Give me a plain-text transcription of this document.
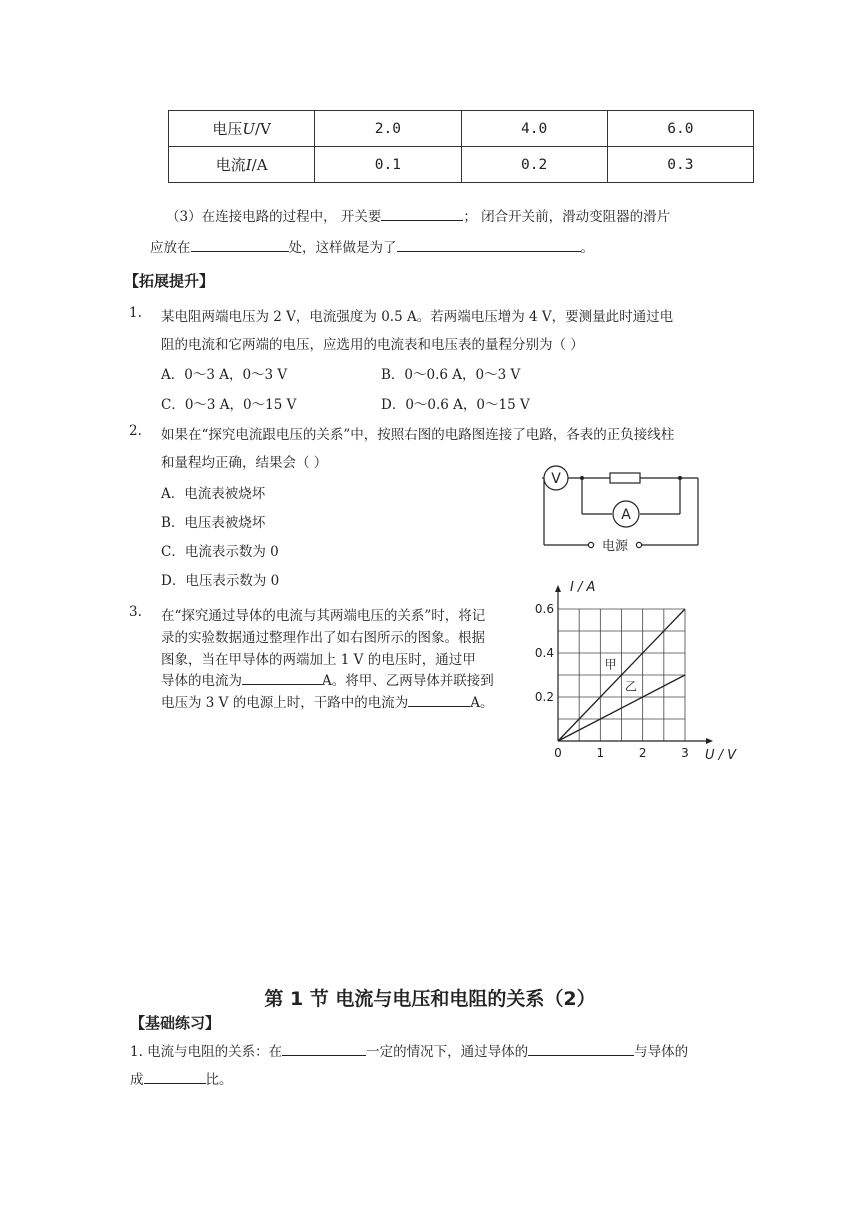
电压U/V	2.0	4.0	6.0
电流I/A	0.1	0.2	0.3
（3）在连接电路的过程中， 开关要	； 闭合开关前，滑动变阻器的滑片
应放在	处，这样做是为了	。
【拓展提升】
1. 某电阻两端电压为 2 V，电流强度为 0.5 A。若两端电压增为 4 V，要测量此时通过电
阻的电流和它两端的电压，应选用的电流表和电压表的量程分别为（ ）
A．0～3 A，0～3 V	B．0～0.6 A，0～3 V
C．0～3 A，0～15 V	D．0～0.6 A，0～15 V
2. 如果在“探究电流跟电压的关系”中，按照右图的电路图连接了电路，各表的正负接线柱
和量程均正确，结果会（ ）
A．电流表被烧坏
B．电压表被烧坏
C．电流表示数为 0
D．电压表示数为 0
V
A
电源
3. 在“探究通过导体的电流与其两端电压的关系”时，将记
录的实验数据通过整理作出了如右图所示的图象。根据
图象，当在甲导体的两端加上 1 V 的电压时，通过甲
导体的电流为	A。将甲、乙两导体并联接到
电压为 3 V 的电源上时，干路中的电流为	A。
甲
乙
0	1	2	3
0.2
0.4
0.6
U / V
I / A
第 1 节 电流与电压和电阻的关系（2）
【基础练习】
1. 电流与电阻的关系：在	一定的情况下，通过导体的	与导体的
成	比。
